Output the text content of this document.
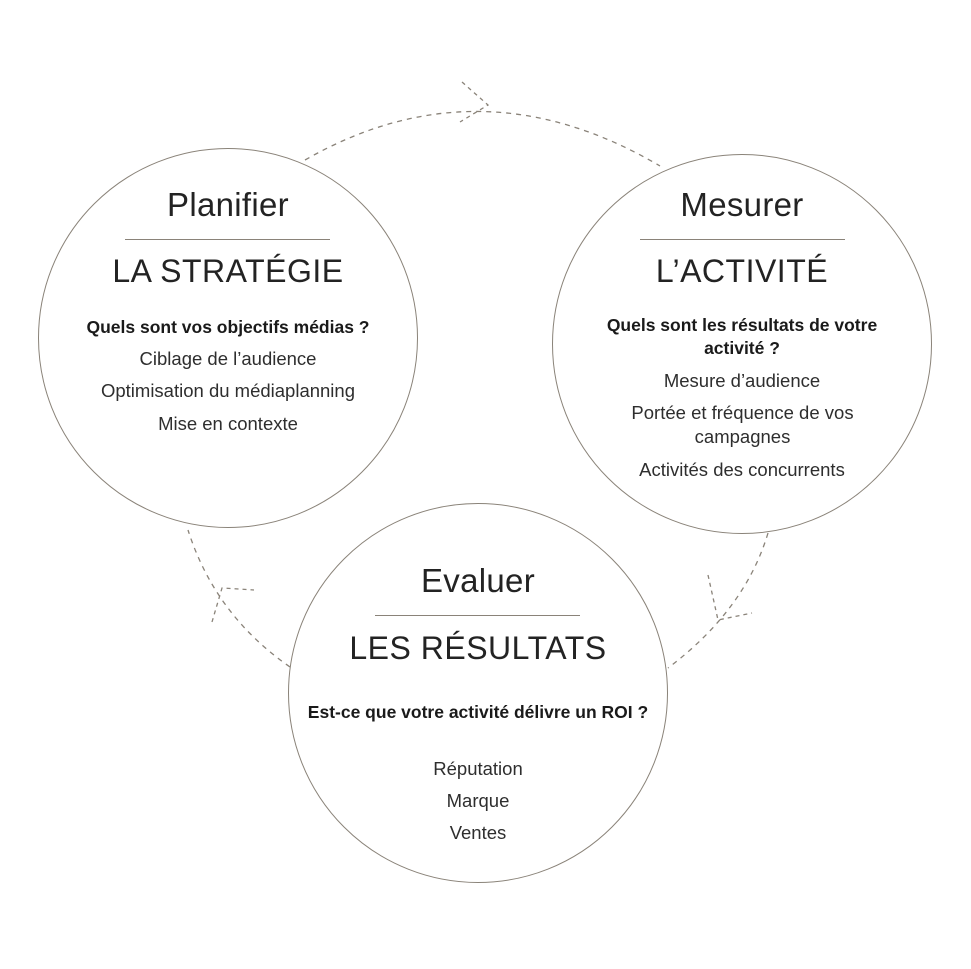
Planifier
LA STRATÉGIE
Quels sont vos objectifs médias ?
Ciblage de l’audience
Optimisation du médiaplanning
Mise en contexte
Mesurer
L’ACTIVITÉ
Quels sont les résultats de votre activité ?
Mesure d’audience
Portée et fréquence de vos campagnes
Activités des concurrents
Evaluer
LES RÉSULTATS
Est-ce que votre activité délivre un ROI ?
Réputation
Marque
Ventes
